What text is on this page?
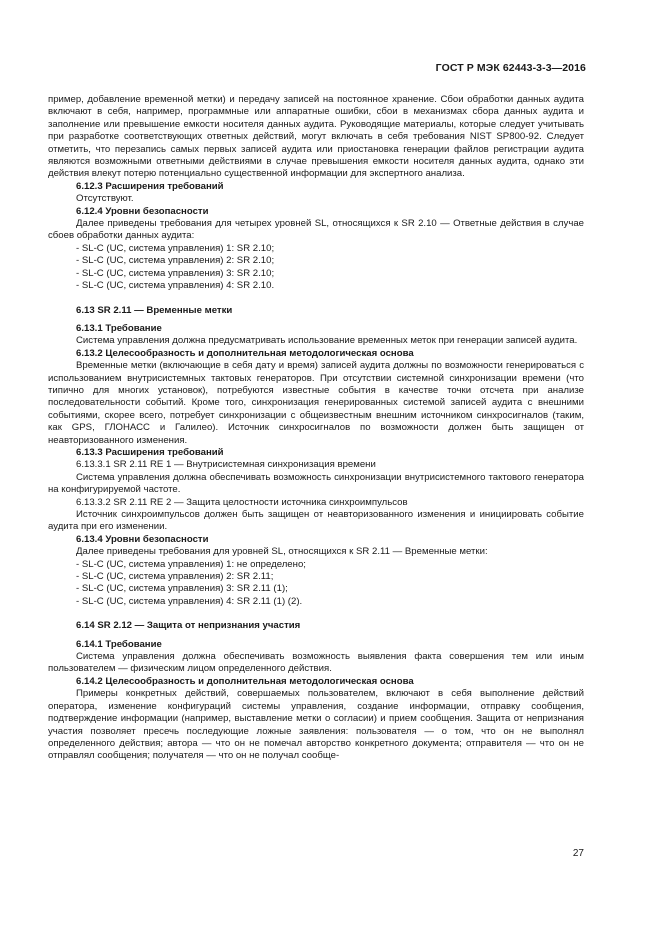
ГОСТ Р МЭК 62443-3-3—2016

пример, добавление временной метки) и передачу записей на постоянное хранение. Сбои обработки данных аудита включают в себя, например, программные или аппаратные ошибки, сбои в механизмах сбора данных аудита и заполнение или превышение емкости носителя данных аудита. Руководящие материалы, которые следует учитывать при разработке соответствующих ответных действий, могут включать в себя требования NIST SP800-92. Следует отметить, что перезапись самых первых записей аудита или приостановка генерации файлов регистрации аудита являются возможными ответными действиями в случае превышения емкости носителя данных аудита, однако эти действия влекут потерю потенциально существенной информации для экспертного анализа.

6.12.3 Расширения требований

Отсутствуют.

6.12.4 Уровни безопасности

Далее приведены требования для четырех уровней SL, относящихся к SR 2.10 — Ответные действия в случае сбоев обработки данных аудита:

- SL-C (UC, система управления) 1: SR 2.10;
- SL-C (UC, система управления) 2: SR 2.10;
- SL-C (UC, система управления) 3: SR 2.10;
- SL-C (UC, система управления) 4: SR 2.10.

6.13 SR 2.11 — Временные метки

6.13.1 Требование

Система управления должна предусматривать использование временных меток при генерации записей аудита.

6.13.2 Целесообразность и дополнительная методологическая основа

Временные метки (включающие в себя дату и время) записей аудита должны по возможности генерироваться с использованием внутрисистемных тактовых генераторов. При отсутствии системной синхронизации времени (что типично для многих установок), потребуются известные события в качестве точки отсчета при анализе последовательности событий. Кроме того, синхронизация генерированных системой записей аудита с внешними событиями, скорее всего, потребует синхронизации с общеизвестным внешним источником синхросигналов (таким, как GPS, ГЛОНАСС и Галилео). Источник синхросигналов по возможности должен быть защищен от неавторизованного изменения.

6.13.3 Расширения требований

6.13.3.1 SR 2.11 RE 1 — Внутрисистемная синхронизация времени

Система управления должна обеспечивать возможность синхронизации внутрисистемного тактового генератора на конфигурируемой частоте.

6.13.3.2 SR 2.11 RE 2 — Защита целостности источника синхроимпульсов

Источник синхроимпульсов должен быть защищен от неавторизованного изменения и инициировать событие аудита при его изменении.

6.13.4 Уровни безопасности

Далее приведены требования для уровней SL, относящихся к SR 2.11 — Временные метки:

- SL-C (UC, система управления) 1: не определено;
- SL-C (UC, система управления) 2: SR 2.11;
- SL-C (UC, система управления) 3: SR 2.11 (1);
- SL-C (UC, система управления) 4: SR 2.11 (1) (2).

6.14 SR 2.12 — Защита от непризнания участия

6.14.1 Требование

Система управления должна обеспечивать возможность выявления факта совершения тем или иным пользователем — физическим лицом определенного действия.

6.14.2 Целесообразность и дополнительная методологическая основа

Примеры конкретных действий, совершаемых пользователем, включают в себя выполнение действий оператора, изменение конфигураций системы управления, создание информации, отправку сообщения, подтверждение информации (например, выставление метки о согласии) и прием сообщения. Защита от непризнания участия позволяет пресечь последующие ложные заявления: пользователя — о том, что он не выполнял определенного действия; автора — что он не помечал авторство конкретного документа; отправителя — что он не отправлял сообщения; получателя — что он не получал сообще-

27
